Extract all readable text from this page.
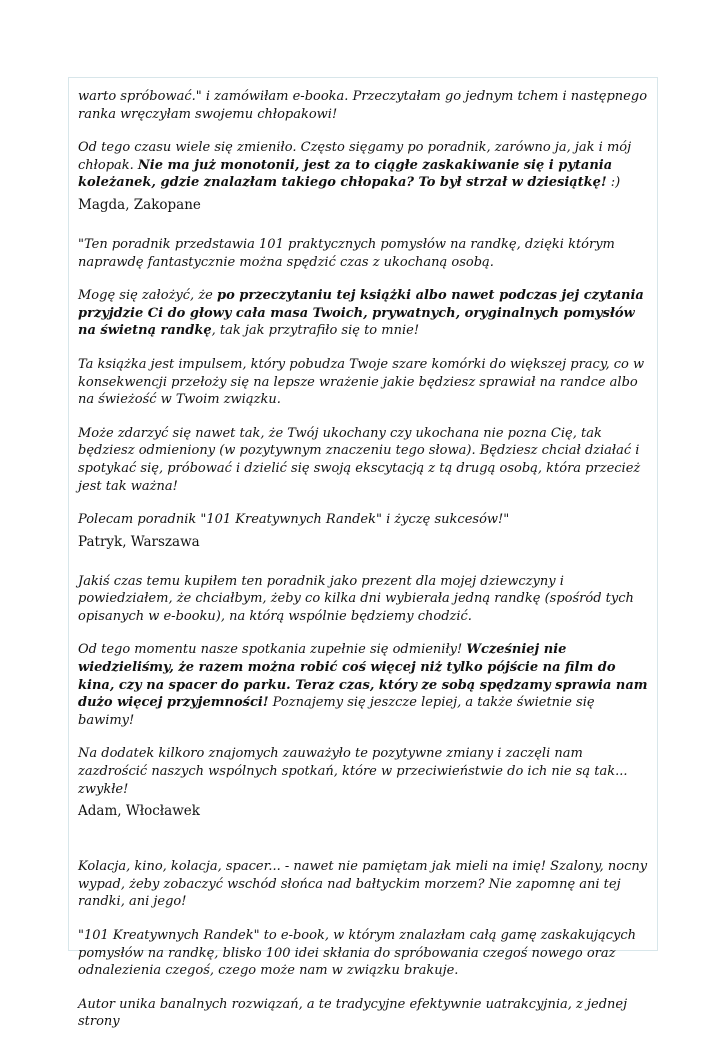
warto spróbować." i zamówiłam e-booka. Przeczytałam go jednym tchem i następnego ranka wręczyłam swojemu chłopakowi!

Od tego czasu wiele się zmieniło. Często sięgamy po poradnik, zarówno ja, jak i mój chłopak. Nie ma już monotonii, jest za to ciągłe zaskakiwanie się i pytania koleżanek, gdzie znalazłam takiego chłopaka? To był strzał w dziesiątkę! :)

Magda, Zakopane

"Ten poradnik przedstawia 101 praktycznych pomysłów na randkę, dzięki którym naprawdę fantastycznie można spędzić czas z ukochaną osobą.

Mogę się założyć, że po przeczytaniu tej książki albo nawet podczas jej czytania przyjdzie Ci do głowy cała masa Twoich, prywatnych, oryginalnych pomysłów na świetną randkę, tak jak przytrafiło się to mnie!

Ta książka jest impulsem, który pobudza Twoje szare komórki do większej pracy, co w konsekwencji przełoży się na lepsze wrażenie jakie będziesz sprawiał na randce albo na świeżość w Twoim związku.

Może zdarzyć się nawet tak, że Twój ukochany czy ukochana nie pozna Cię, tak będziesz odmieniony (w pozytywnym znaczeniu tego słowa). Będziesz chciał działać i spotykać się, próbować i dzielić się swoją ekscytacją z tą drugą osobą, która przecież jest tak ważna!

Polecam poradnik "101 Kreatywnych Randek" i życzę sukcesów!"

Patryk, Warszawa

Jakiś czas temu kupiłem ten poradnik jako prezent dla mojej dziewczyny i powiedziałem, że chciałbym, żeby co kilka dni wybierała jedną randkę (spośród tych opisanych w e-booku), na którą wspólnie będziemy chodzić.

Od tego momentu nasze spotkania zupełnie się odmieniły! Wcześniej nie wiedzieliśmy, że razem można robić coś więcej niż tylko pójście na film do kina, czy na spacer do parku. Teraz czas, który ze sobą spędzamy sprawia nam dużo więcej przyjemności! Poznajemy się jeszcze lepiej, a także świetnie się bawimy!

Na dodatek kilkoro znajomych zauważyło te pozytywne zmiany i zaczęli nam zazdrościć naszych wspólnych spotkań, które w przeciwieństwie do ich nie są tak... zwykłe!

Adam, Włocławek

Kolacja, kino, kolacja, spacer... - nawet nie pamiętam jak mieli na imię! Szalony, nocny wypad, żeby zobaczyć wschód słońca nad bałtyckim morzem? Nie zapomnę ani tej randki, ani jego!

"101 Kreatywnych Randek" to e-book, w którym znalazłam całą gamę zaskakujących pomysłów na randkę, blisko 100 idei skłania do spróbowania czegoś nowego oraz odnalezienia czegoś, czego może nam w związku brakuje.

Autor unika banalnych rozwiązań, a te tradycyjne efektywnie uatrakcyjnia, z jednej strony
